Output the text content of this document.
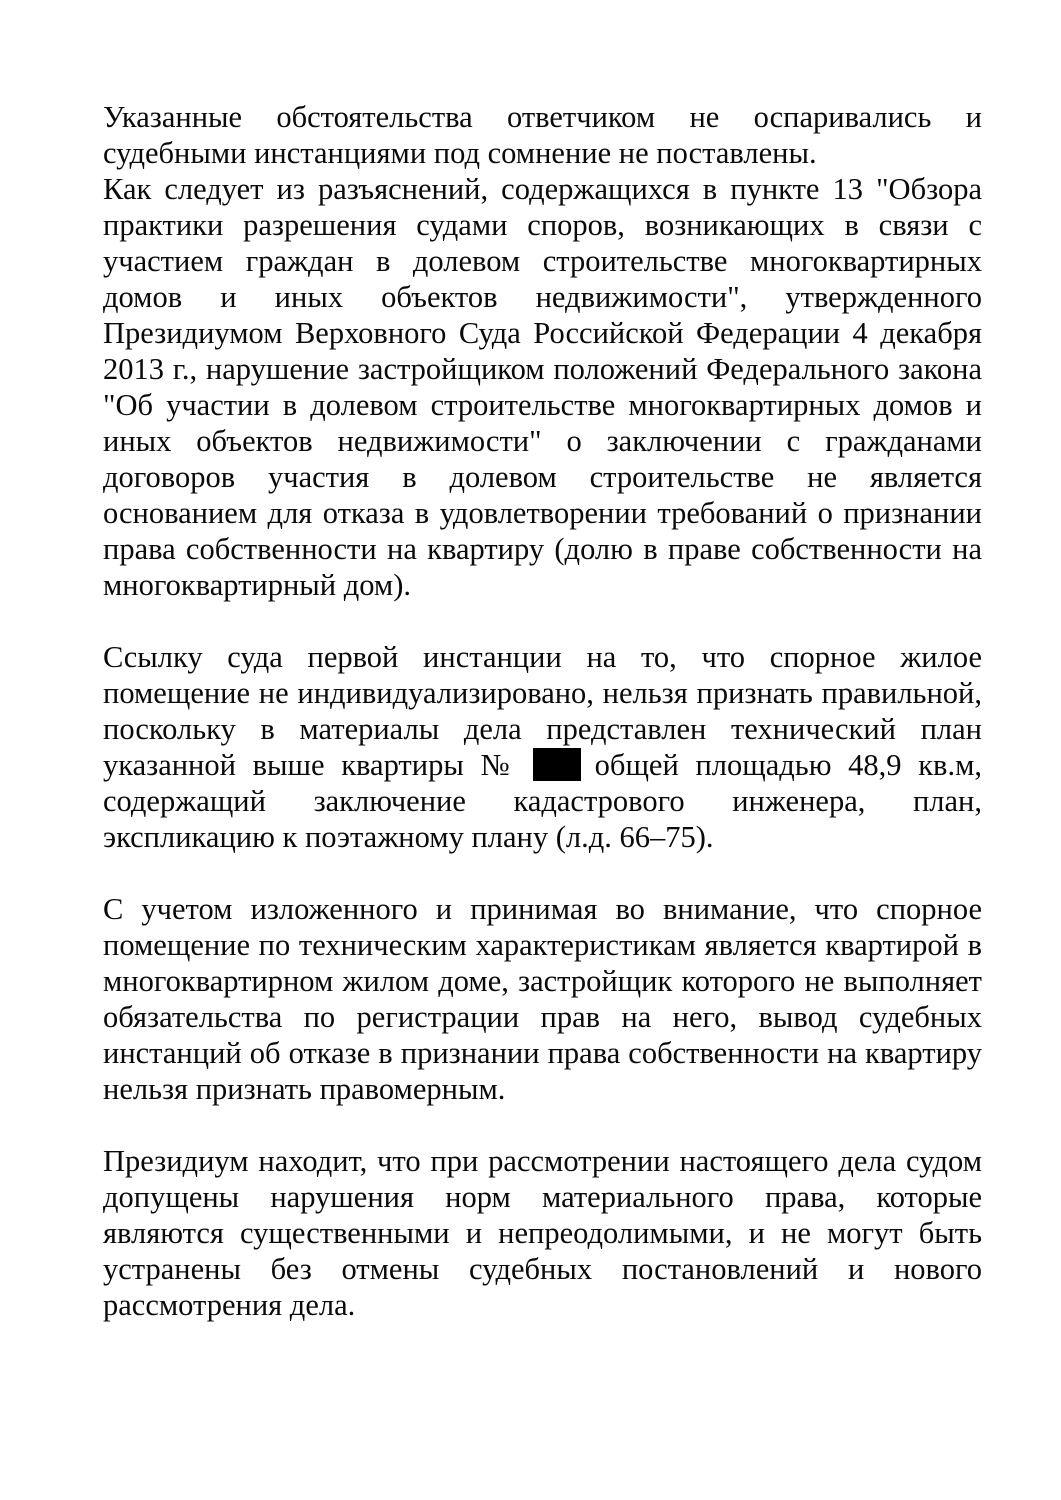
Указанные обстоятельства ответчиком не оспаривались и судебными инстанциями под сомнение не поставлены.

Как следует из разъяснений, содержащихся в пункте 13 "Обзора практики разрешения судами споров, возникающих в связи с участием граждан в долевом строительстве многоквартирных домов и иных объектов недвижимости", утвержденного Президиумом Верховного Суда Российской Федерации 4 декабря 2013 г., нарушение застройщиком положений Федерального закона "Об участии в долевом строительстве многоквартирных домов и иных объектов недвижимости" о заключении с гражданами договоров участия в долевом строительстве не является основанием для отказа в удовлетворении требований о признании права собственности на квартиру (долю в праве собственности на многоквартирный дом).

Ссылку суда первой инстанции на то, что спорное жилое помещение не индивидуализировано, нельзя признать правильной, поскольку в материалы дела представлен технический план указанной выше квартиры № общей площадью 48,9 кв.м, содержащий заключение кадастрового инженера, план, экспликацию к поэтажному плану (л.д. 66–75).

С учетом изложенного и принимая во внимание, что спорное помещение по техническим характеристикам является квартирой в многоквартирном жилом доме, застройщик которого не выполняет обязательства по регистрации прав на него, вывод судебных инстанций об отказе в признании права собственности на квартиру нельзя признать правомерным.

Президиум находит, что при рассмотрении настоящего дела судом допущены нарушения норм материального права, которые являются существенными и непреодолимыми, и не могут быть устранены без отмены судебных постановлений и нового рассмотрения дела.
